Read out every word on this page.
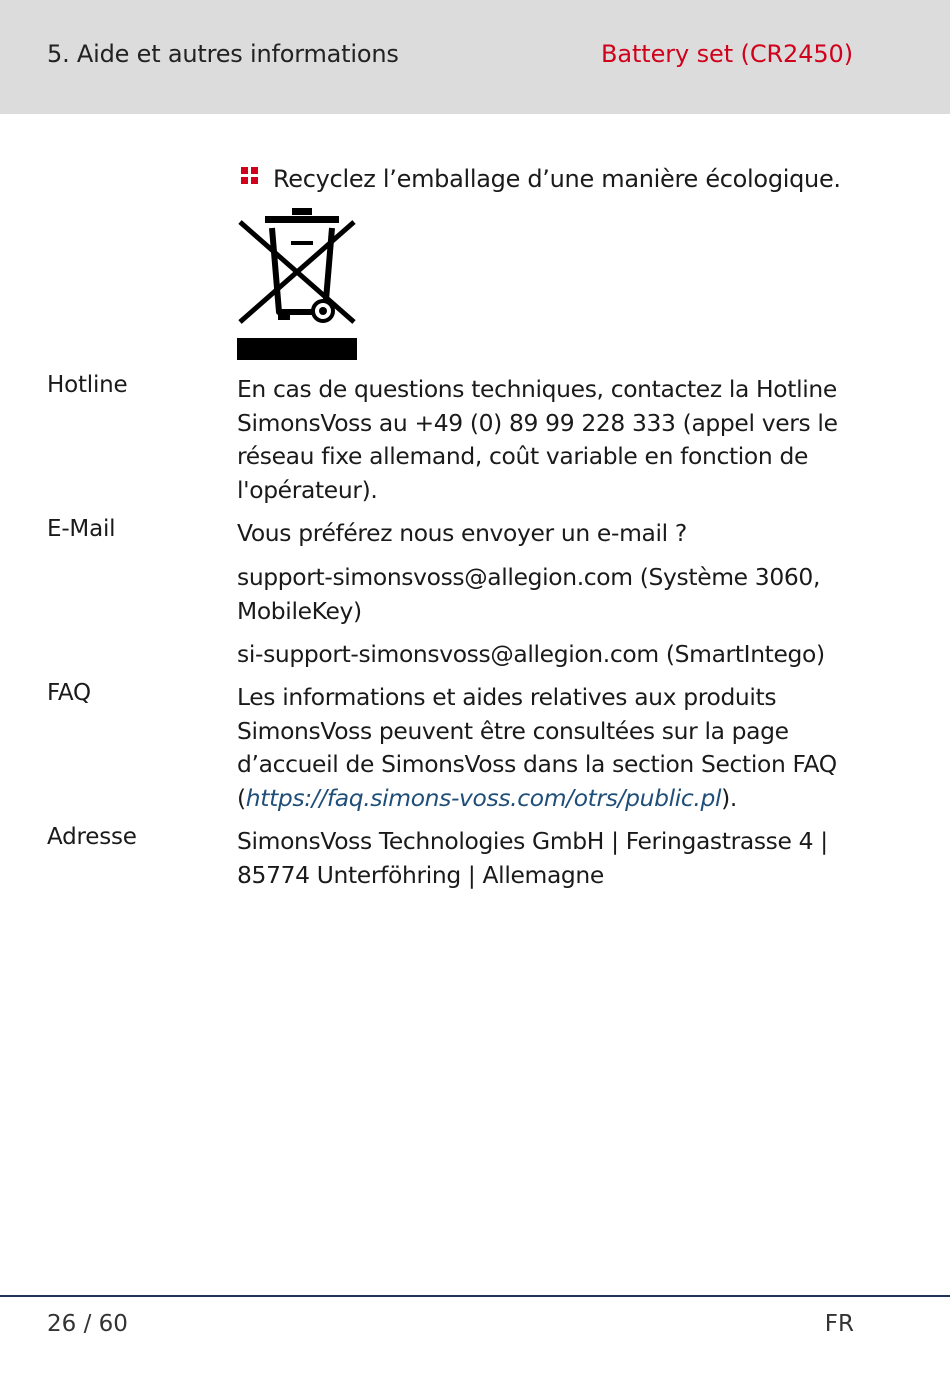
5. Aide et autres informations	Battery set (CR2450)
Recyclez l’emballage d’une manière écologique.
Hotline	En cas de questions techniques, contactez la Hotline SimonsVoss au +49 (0) 89 99 228 333 (appel vers le réseau fixe allemand, coût variable en fonction de l'opérateur).
E-Mail	Vous préférez nous envoyer un e-mail ?
support-simonsvoss@allegion.com (Système 3060, MobileKey)
si-support-simonsvoss@allegion.com (SmartIntego)
FAQ	Les informations et aides relatives aux produits SimonsVoss peuvent être consultées sur la page d’accueil de SimonsVoss dans la section Section FAQ (https://faq.simons-voss.com/otrs/public.pl).
Adresse	SimonsVoss Technologies GmbH | Feringastrasse 4 | 85774 Unterföhring | Allemagne
26 / 60	FR
